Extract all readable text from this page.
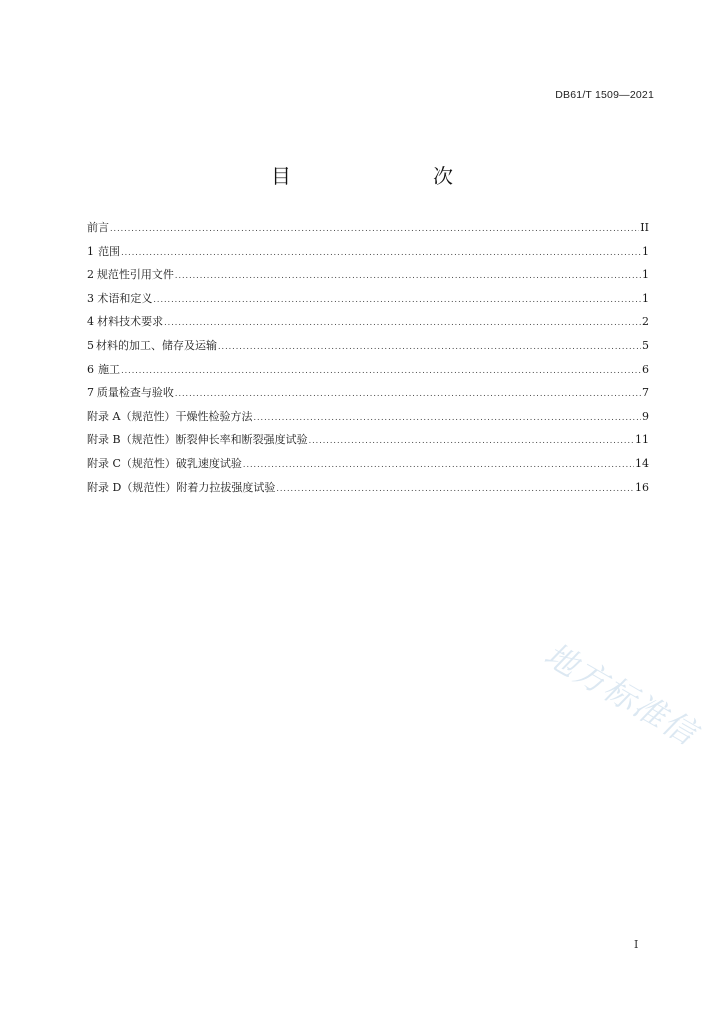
DB61/T 1509—2021
目　　次
前言 .....	II
1 范围 .....	1
2 规范性引用文件 .....	1
3 术语和定义 .....	1
4 材料技术要求 .....	2
5 材料的加工、储存及运输 .....	5
6 施工 .....	6
7 质量检查与验收 .....	7
附录 A（规范性） 干燥性检验方法 .....	9
附录 B（规范性） 断裂伸长率和断裂强度试验 .....	11
附录 C（规范性） 破乳速度试验 .....	14
附录 D（规范性） 附着力拉拔强度试验 .....	16
地方标准信
I
